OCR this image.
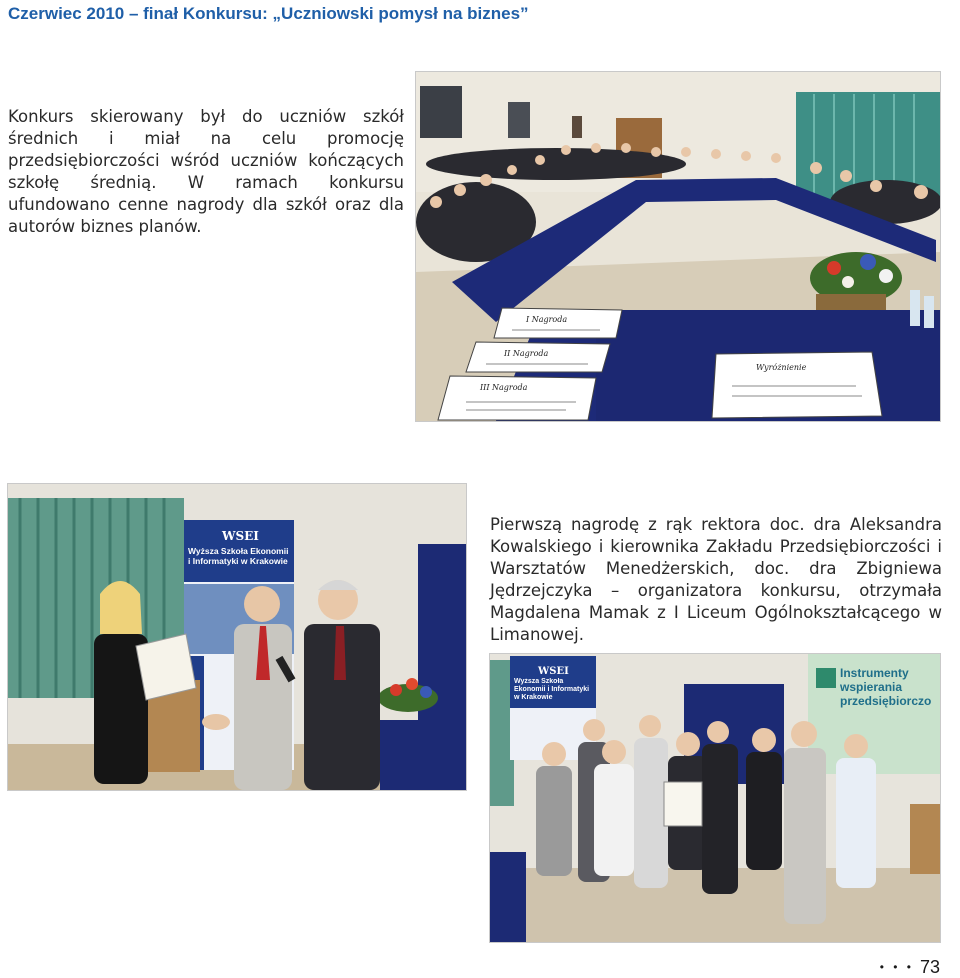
Czerwiec 2010 – finał Konkursu: „Uczniowski pomysł na biznes”
Konkurs skierowany był do uczniów szkół średnich i miał na celu promocję przedsiębiorczości wśród uczniów kończących szkołę średnią. W ramach konkursu ufundowano cenne nagrody dla szkół oraz dla autorów biznes planów.
I Nagroda
II Nagroda
III Nagroda
Wyróżnienie
WSEI
Wyższa Szkoła Ekonomii i Informatyki w Krakowie
Pierwszą nagrodę z rąk rektora doc. dra Aleksandra Kowalskiego i kierownika Zakładu Przedsiębiorczości i Warsztatów Menedżerskich, doc. dra Zbigniewa Jędrzejczyka – organizatora konkursu, otrzymała Magdalena Mamak z I Liceum Ogólnokształcącego w Limanowej.
Instrumenty wspierania przedsiębiorczo
WSEI
Wyższa Szkoła Ekonomii i Informatyki w Krakowie
• • • 73
